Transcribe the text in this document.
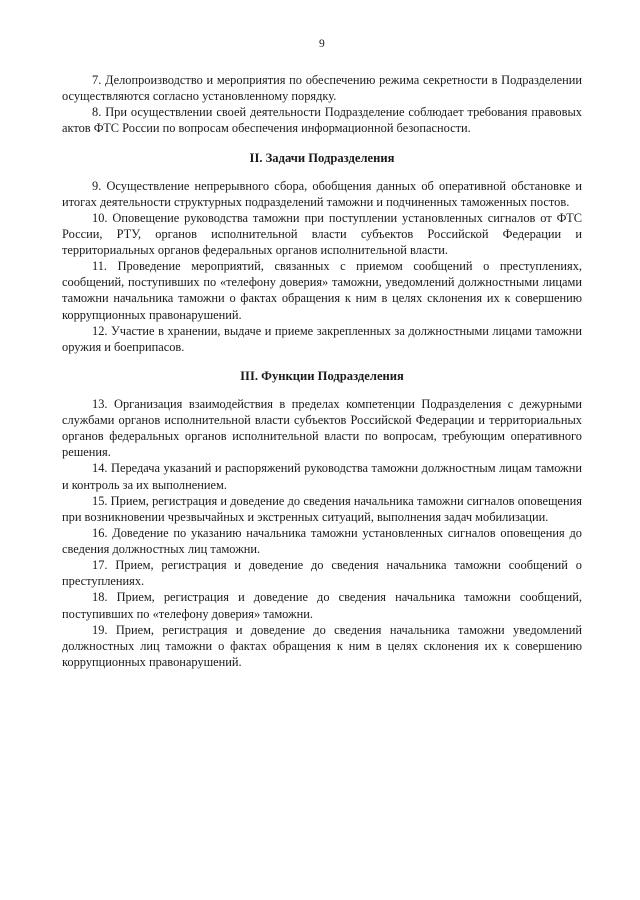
9

7. Делопроизводство и мероприятия по обеспечению режима секретности в Подразделении осуществляются согласно установленному порядку.

8. При осуществлении своей деятельности Подразделение соблюдает требования правовых актов ФТС России по вопросам обеспечения информационной безопасности.

II. Задачи Подразделения

9. Осуществление непрерывного сбора, обобщения данных об оперативной обстановке и итогах деятельности структурных подразделений таможни и подчиненных таможенных постов.

10. Оповещение руководства таможни при поступлении установленных сигналов от ФТС России, РТУ, органов исполнительной власти субъектов Российской Федерации и территориальных органов федеральных органов исполнительной власти.

11. Проведение мероприятий, связанных с приемом сообщений о преступлениях, сообщений, поступивших по «телефону доверия» таможни, уведомлений должностными лицами таможни начальника таможни о фактах обращения к ним в целях склонения их к совершению коррупционных правонарушений.

12. Участие в хранении, выдаче и приеме закрепленных за должностными лицами таможни оружия и боеприпасов.

III. Функции Подразделения

13. Организация взаимодействия в пределах компетенции Подразделения с дежурными службами органов исполнительной власти субъектов Российской Федерации и территориальных органов федеральных органов исполнительной власти по вопросам, требующим оперативного решения.

14. Передача указаний и распоряжений руководства таможни должностным лицам таможни и контроль за их выполнением.

15. Прием, регистрация и доведение до сведения начальника таможни сигналов оповещения при возникновении чрезвычайных и экстренных ситуаций, выполнения задач мобилизации.

16. Доведение по указанию начальника таможни установленных сигналов оповещения до сведения должностных лиц таможни.

17. Прием, регистрация и доведение до сведения начальника таможни сообщений о преступлениях.

18. Прием, регистрация и доведение до сведения начальника таможни сообщений, поступивших по «телефону доверия» таможни.

19. Прием, регистрация и доведение до сведения начальника таможни уведомлений должностных лиц таможни о фактах обращения к ним в целях склонения их к совершению коррупционных правонарушений.
